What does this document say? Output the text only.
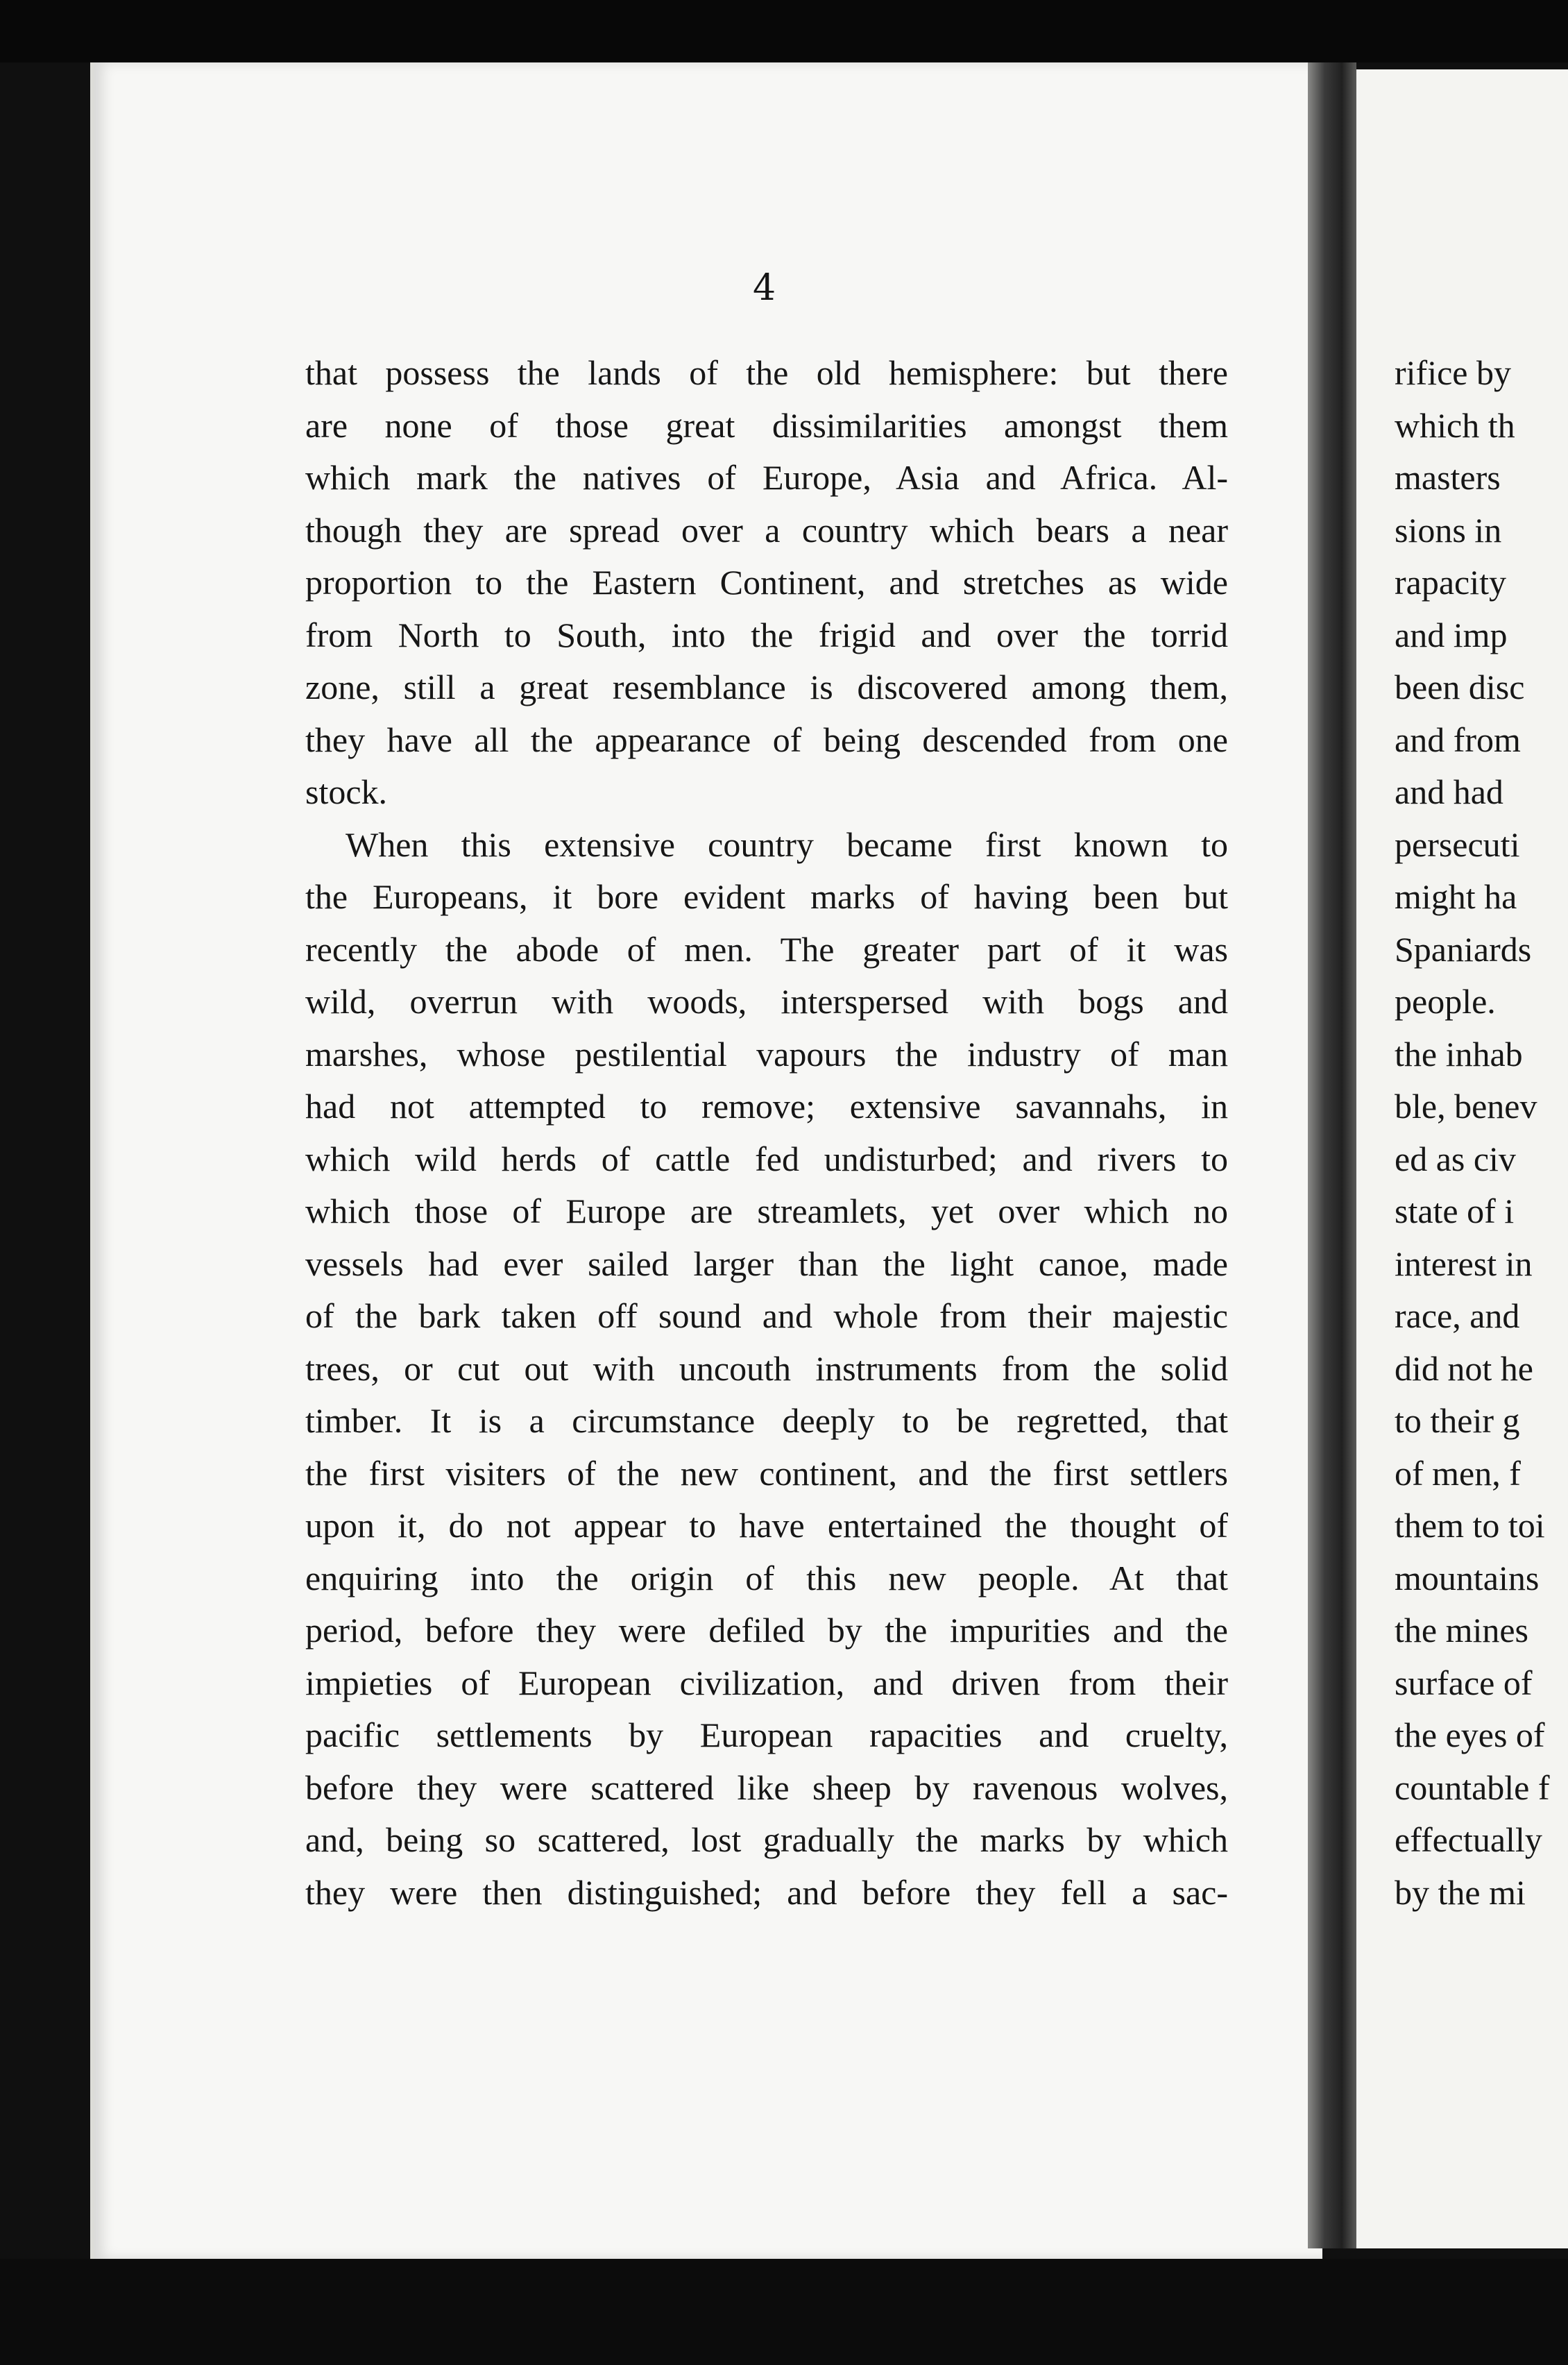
4
that possess the lands of the old hemisphere: but there
are none of those great dissimilarities amongst them
which mark the natives of Europe, Asia and Africa. Al-
though they are spread over a country which bears a near
proportion to the Eastern Continent, and stretches as wide
from North to South, into the frigid and over the torrid
zone, still a great resemblance is discovered among them,
they have all the appearance of being descended from one
stock.
When this extensive country became first known to
the Europeans, it bore evident marks of having been but
recently the abode of men. The greater part of it was
wild, overrun with woods, interspersed with bogs and
marshes, whose pestilential vapours the industry of man
had not attempted to remove; extensive savannahs, in
which wild herds of cattle fed undisturbed; and rivers to
which those of Europe are streamlets, yet over which no
vessels had ever sailed larger than the light canoe, made
of the bark taken off sound and whole from their majestic
trees, or cut out with uncouth instruments from the solid
timber. It is a circumstance deeply to be regretted, that
the first visiters of the new continent, and the first settlers
upon it, do not appear to have entertained the thought of
enquiring into the origin of this new people. At that
period, before they were defiled by the impurities and the
impieties of European civilization, and driven from their
pacific settlements by European rapacities and cruelty,
before they were scattered like sheep by ravenous wolves,
and, being so scattered, lost gradually the marks by which
they were then distinguished; and before they fell a sac-
rifice by
which th
masters
sions in
rapacity
and imp
been disc
and from
and had
persecuti
might ha
Spaniards
people.
the inhab
ble, benev
ed as civ
state of i
interest in
race, and
did not he
to their g
of men, f
them to toi
mountains
the mines
surface of
the eyes of
countable f
effectually
by the mi
